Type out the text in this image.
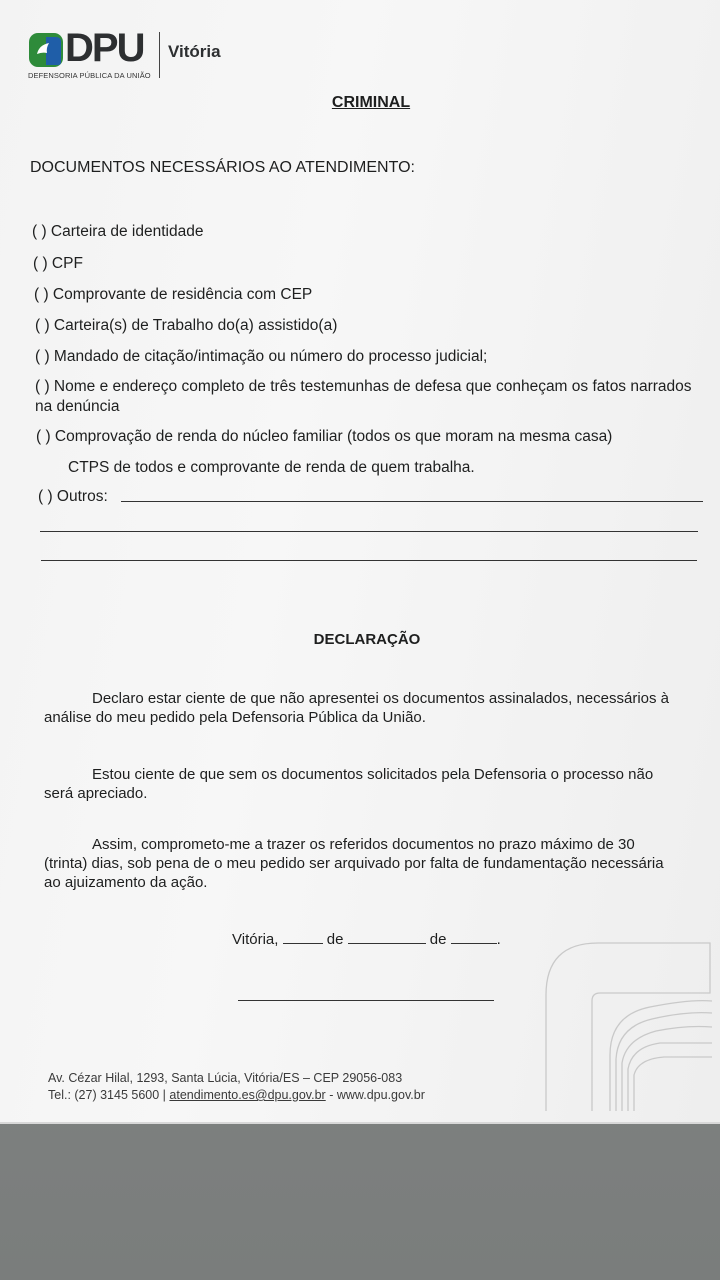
DPU
DEFENSORIA PÚBLICA DA UNIÃO
Vitória
CRIMINAL
DOCUMENTOS NECESSÁRIOS AO ATENDIMENTO:
( ) Carteira de identidade
( ) CPF
( ) Comprovante de residência com CEP
( ) Carteira(s) de Trabalho do(a) assistido(a)
( ) Mandado de citação/intimação ou número do processo judicial;
( ) Nome e endereço completo de três testemunhas de defesa que conheçam os fatos narrados na denúncia
( ) Comprovação de renda do núcleo familiar (todos os que moram na mesma casa)
CTPS de todos e comprovante de renda de quem trabalha.
( ) Outros:
DECLARAÇÃO
Declaro estar ciente de que não apresentei os documentos assinalados, necessários à análise do meu pedido pela Defensoria Pública da União.
Estou ciente de que sem os documentos solicitados pela Defensoria o processo não será apreciado.
Assim, comprometo-me a trazer os referidos documentos no prazo máximo de 30 (trinta) dias, sob pena de o meu pedido ser arquivado por falta de fundamentação necessária ao ajuizamento da ação.
Vitória,	de	de	.
Av. Cézar Hilal, 1293, Santa Lúcia, Vitória/ES – CEP 29056-083
Tel.: (27) 3145 5600 | atendimento.es@dpu.gov.br - www.dpu.gov.br
